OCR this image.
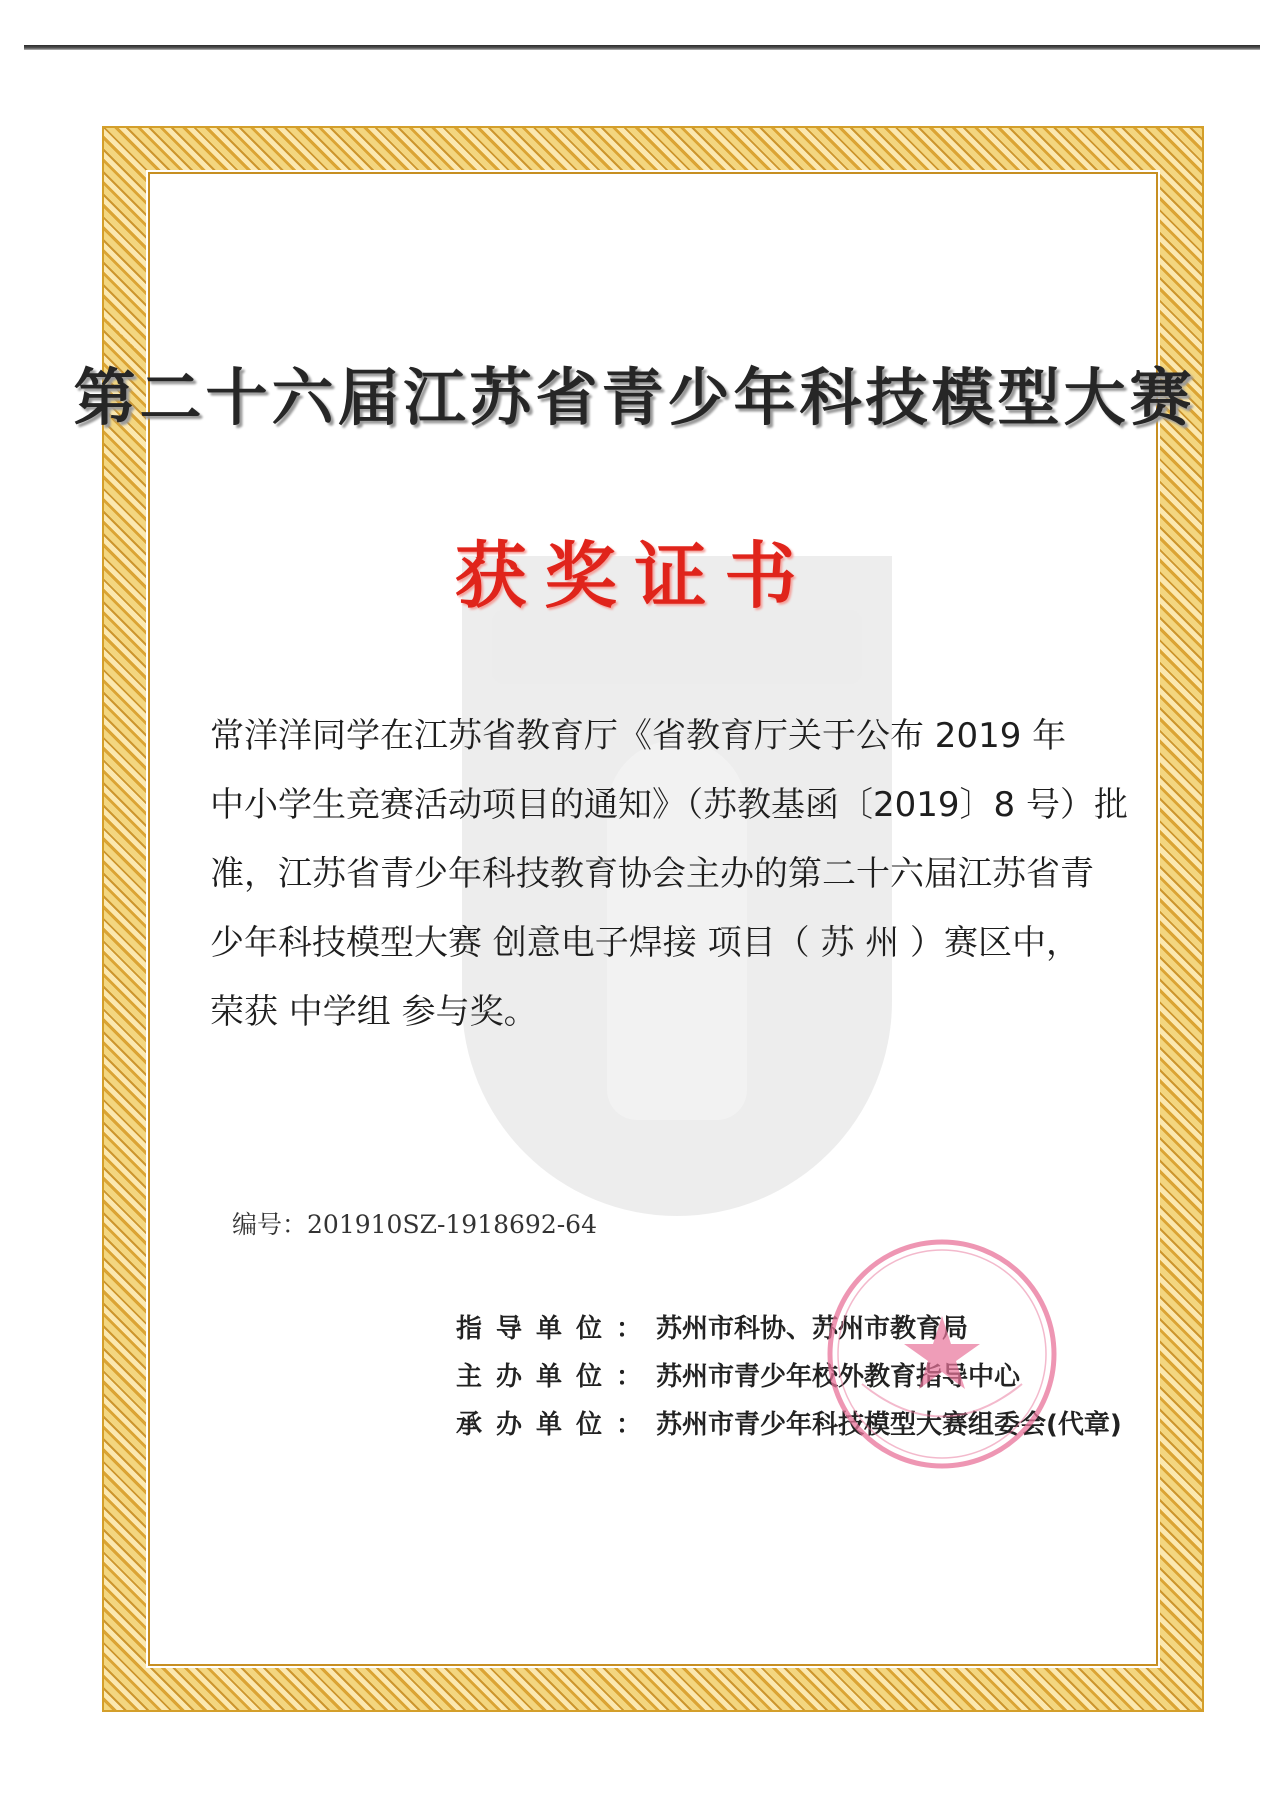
第二十六届江苏省青少年科技模型大赛
获奖证书
常洋洋同学在江苏省教育厅《省教育厅关于公布 2019 年
中小学生竞赛活动项目的通知》（苏教基函〔2019〕8 号）批
准，江苏省青少年科技教育协会主办的第二十六届江苏省青
少年科技模型大赛 创意电子焊接 项目（ 苏 州 ）赛区中，
荣获 中学组 参与奖。
编号：201910SZ-1918692-64
指导单位：苏州市科协、苏州市教育局
主办单位：苏州市青少年校外教育指导中心
承办单位：苏州市青少年科技模型大赛组委会(代章)
